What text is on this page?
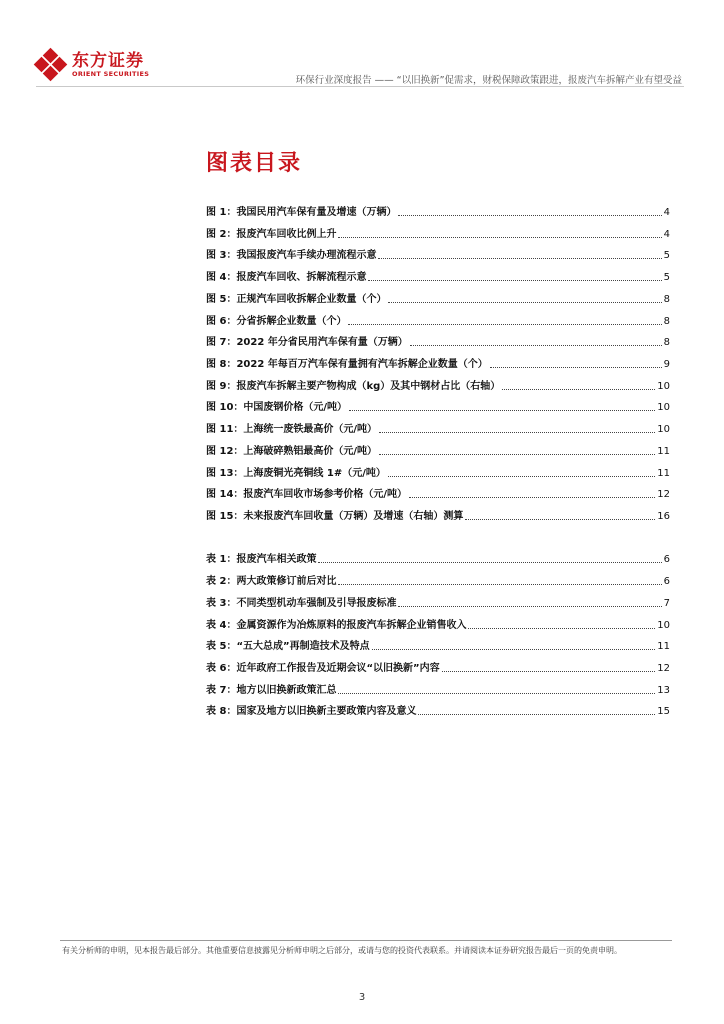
东方证券
ORIENT SECURITIES
环保行业深度报告 —— “以旧换新”促需求，财税保障政策跟进，报废汽车拆解产业有望受益
图表目录
图 1：我国民用汽车保有量及增速（万辆）	4
图 2：报废汽车回收比例上升	4
图 3：我国报废汽车手续办理流程示意	5
图 4：报废汽车回收、拆解流程示意	5
图 5：正规汽车回收拆解企业数量（个）	8
图 6：分省拆解企业数量（个）	8
图 7：2022 年分省民用汽车保有量（万辆）	8
图 8：2022 年每百万汽车保有量拥有汽车拆解企业数量（个）	9
图 9：报废汽车拆解主要产物构成（kg）及其中钢材占比（右轴）	10
图 10：中国废钢价格（元/吨）	10
图 11：上海统一废铁最高价（元/吨）	10
图 12：上海破碎熟铝最高价（元/吨）	11
图 13：上海废铜光亮铜线 1#（元/吨）	11
图 14：报废汽车回收市场参考价格（元/吨）	12
图 15：未来报废汽车回收量（万辆）及增速（右轴）测算	16
表 1：报废汽车相关政策	6
表 2：两大政策修订前后对比	6
表 3：不同类型机动车强制及引导报废标准	7
表 4：金属资源作为冶炼原料的报废汽车拆解企业销售收入	10
表 5：“五大总成”再制造技术及特点	11
表 6：近年政府工作报告及近期会议“以旧换新”内容	12
表 7：地方以旧换新政策汇总	13
表 8：国家及地方以旧换新主要政策内容及意义	15
有关分析师的申明，见本报告最后部分。其他重要信息披露见分析师申明之后部分，或请与您的投资代表联系。并请阅读本证券研究报告最后一页的免责申明。
3
